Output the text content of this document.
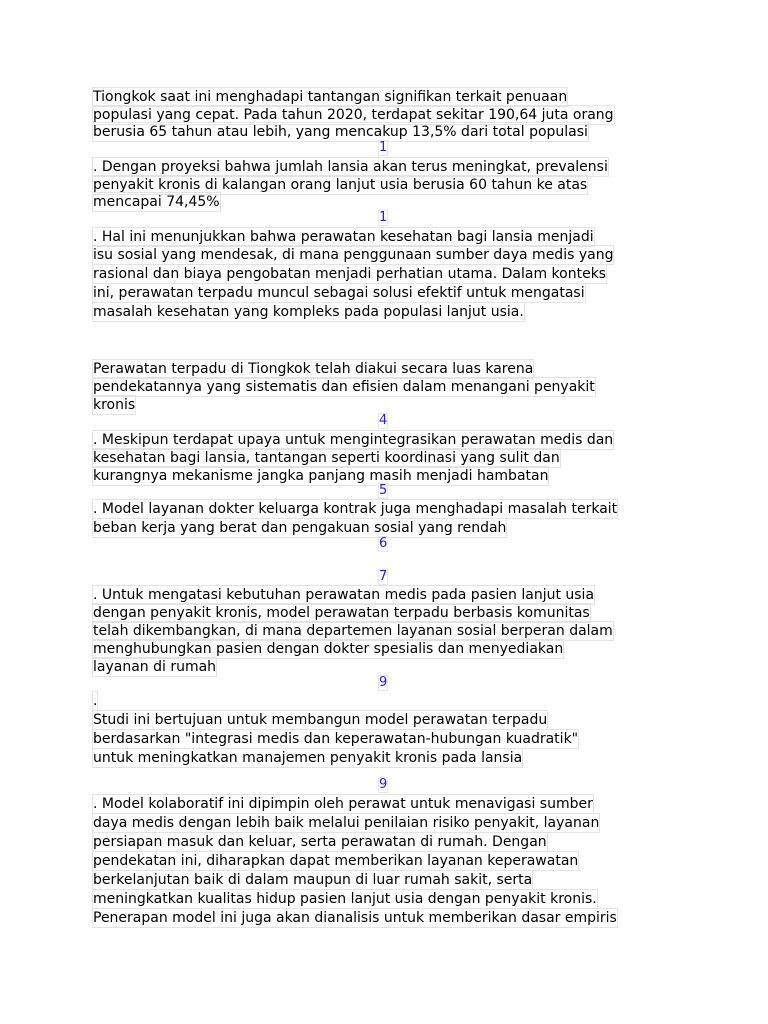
Tiongkok saat ini menghadapi tantangan signifikan terkait penuaan
populasi yang cepat. Pada tahun 2020, terdapat sekitar 190,64 juta orang
berusia 65 tahun atau lebih, yang mencakup 13,5% dari total populasi
1
. Dengan proyeksi bahwa jumlah lansia akan terus meningkat, prevalensi
penyakit kronis di kalangan orang lanjut usia berusia 60 tahun ke atas
mencapai 74,45%
1
. Hal ini menunjukkan bahwa perawatan kesehatan bagi lansia menjadi
isu sosial yang mendesak, di mana penggunaan sumber daya medis yang
rasional dan biaya pengobatan menjadi perhatian utama. Dalam konteks
ini, perawatan terpadu muncul sebagai solusi efektif untuk mengatasi
masalah kesehatan yang kompleks pada populasi lanjut usia.
Perawatan terpadu di Tiongkok telah diakui secara luas karena
pendekatannya yang sistematis dan efisien dalam menangani penyakit
kronis
4
. Meskipun terdapat upaya untuk mengintegrasikan perawatan medis dan
kesehatan bagi lansia, tantangan seperti koordinasi yang sulit dan
kurangnya mekanisme jangka panjang masih menjadi hambatan
5
. Model layanan dokter keluarga kontrak juga menghadapi masalah terkait
beban kerja yang berat dan pengakuan sosial yang rendah
6
7
. Untuk mengatasi kebutuhan perawatan medis pada pasien lanjut usia
dengan penyakit kronis, model perawatan terpadu berbasis komunitas
telah dikembangkan, di mana departemen layanan sosial berperan dalam
menghubungkan pasien dengan dokter spesialis dan menyediakan
layanan di rumah
9
.
Studi ini bertujuan untuk membangun model perawatan terpadu
berdasarkan "integrasi medis dan keperawatan-hubungan kuadratik"
untuk meningkatkan manajemen penyakit kronis pada lansia
9
. Model kolaboratif ini dipimpin oleh perawat untuk menavigasi sumber
daya medis dengan lebih baik melalui penilaian risiko penyakit, layanan
persiapan masuk dan keluar, serta perawatan di rumah. Dengan
pendekatan ini, diharapkan dapat memberikan layanan keperawatan
berkelanjutan baik di dalam maupun di luar rumah sakit, serta
meningkatkan kualitas hidup pasien lanjut usia dengan penyakit kronis.
Penerapan model ini juga akan dianalisis untuk memberikan dasar empiris
